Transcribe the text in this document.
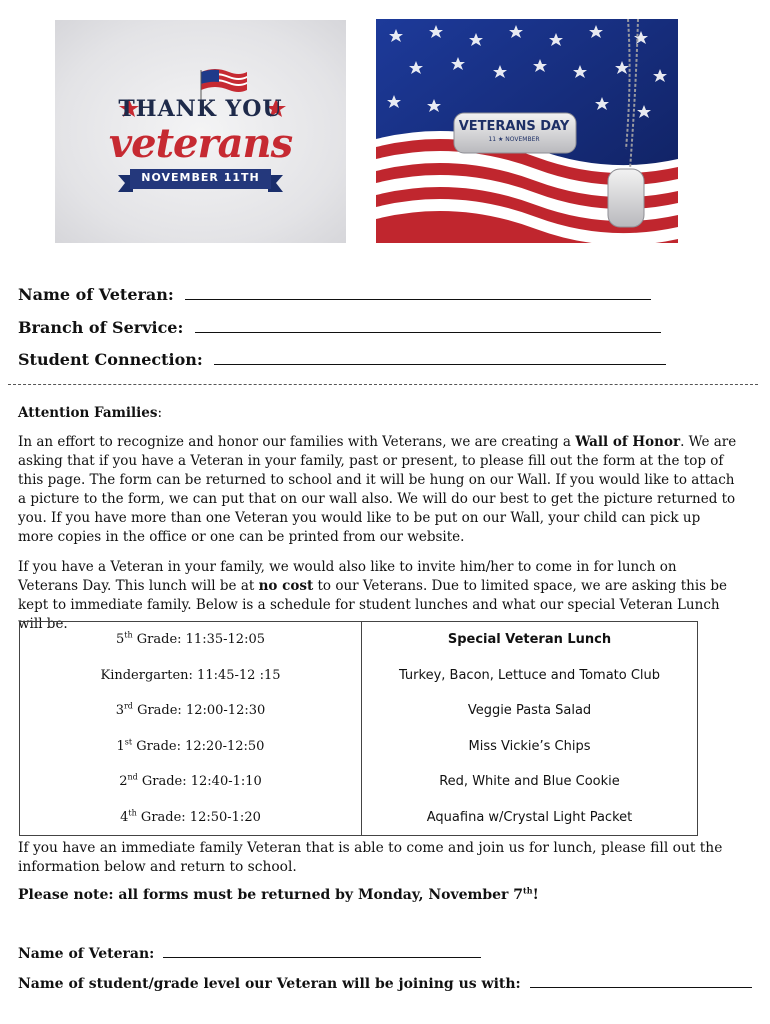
THANK YOU
veterans
NOVEMBER 11TH
VETERANS DAY
11 ★ NOVEMBER
Name of Veteran:
Branch of Service:
Student Connection:
Attention Families:

In an effort to recognize and honor our families with Veterans, we are creating a Wall of Honor. We are asking that if you have a Veteran in your family, past or present, to please fill out the form at the top of this page. The form can be returned to school and it will be hung on our Wall. If you would like to attach a picture to the form, we can put that on our wall also. We will do our best to get the picture returned to you. If you have more than one Veteran you would like to be put on our Wall, your child can pick up more copies in the office or one can be printed from our website.

If you have a Veteran in your family, we would also like to invite him/her to come in for lunch on Veterans Day. This lunch will be at no cost to our Veterans. Due to limited space, we are asking this be kept to immediate family. Below is a schedule for student lunches and what our special Veteran Lunch will be.

5th Grade: 11:35-12:05	Special Veteran Lunch
Kindergarten: 11:45-12 :15	Turkey, Bacon, Lettuce and Tomato Club
3rd Grade: 12:00-12:30	Veggie Pasta Salad
1st Grade: 12:20-12:50	Miss Vickie’s Chips
2nd Grade: 12:40-1:10	Red, White and Blue Cookie
4th Grade: 12:50-1:20	Aquafina w/Crystal Light Packet

If you have an immediate family Veteran that is able to come and join us for lunch, please fill out the information below and return to school.

Please note: all forms must be returned by Monday, November 7th!
Name of Veteran:
Name of student/grade level our Veteran will be joining us with:
